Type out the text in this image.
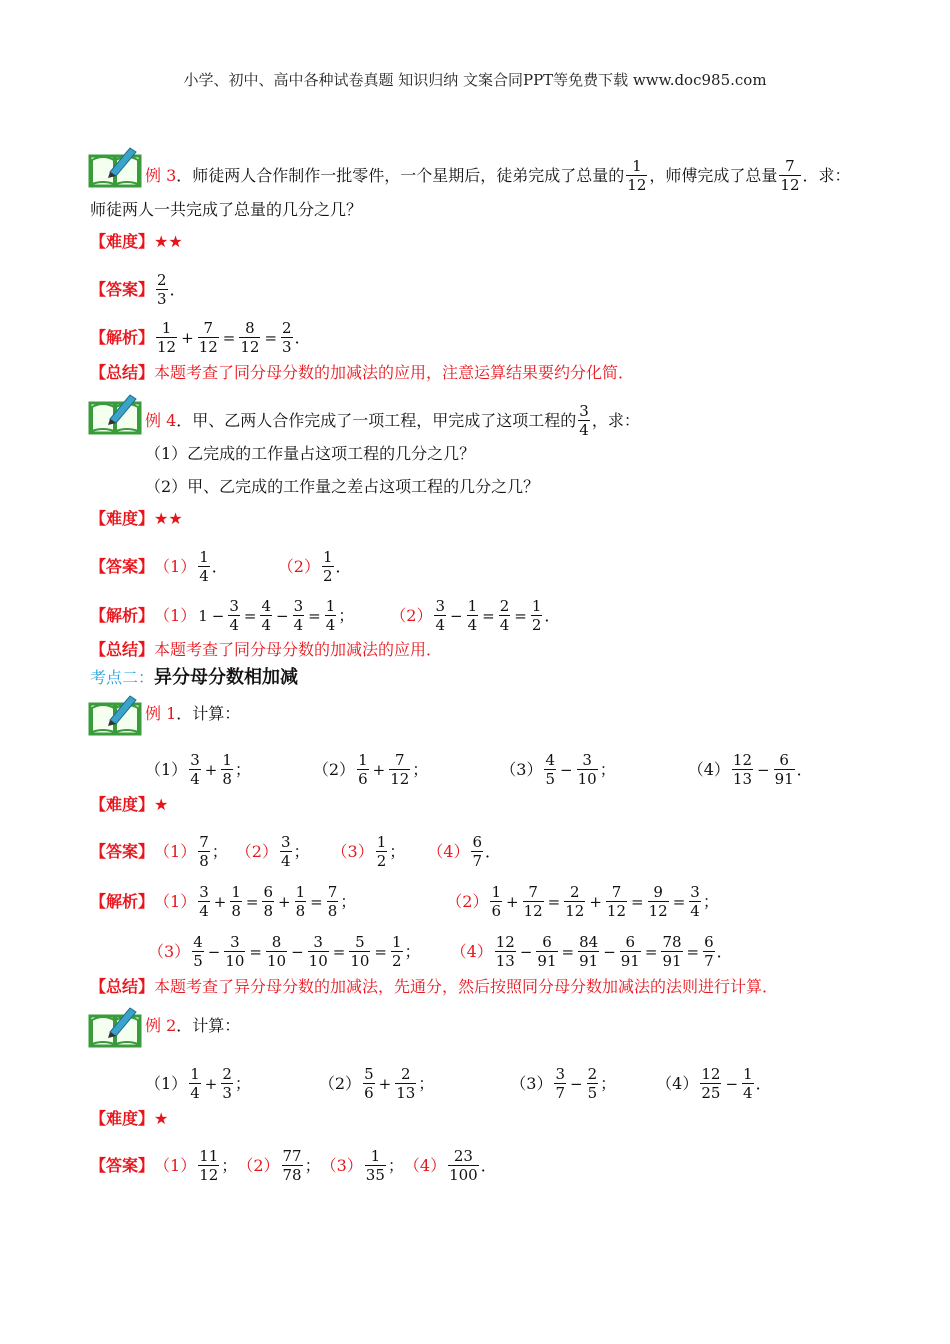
小学、初中、高中各种试卷真题 知识归纳 文案合同PPT等免费下载 www.doc985.com
例 3 ．师徒两人合作制作一批零件，一个星期后，徒弟完成了总量的 $\frac{1}{12}$ ，师傅完成了总量 $\frac{7}{12}$ ．求：
师徒两人一共完成了总量的几分之几？
【难度】 ★★
【答案】 $\frac{2}{3}$ ．
【解析】 $\frac{1}{12} + \frac{7}{12} = \frac{8}{12} = \frac{2}{3}$ ．
【总结】 本题考查了同分母分数的加减法的应用，注意运算结果要约分化简．
例 4 ．甲、乙两人合作完成了一项工程，甲完成了这项工程的 $\frac{3}{4}$ ，求：
（1）乙完成的工作量占这项工程的几分之几？
（2）甲、乙完成的工作量之差占这项工程的几分之几？
【难度】 ★★
【答案】 $(1) \frac{1}{4}$ ．	$(2) \frac{1}{2}$ ．
【解析】 （1） $1 - \frac{3}{4} = \frac{4}{4} - \frac{3}{4} = \frac{1}{4}$ ； $(2) \frac{3}{4} - \frac{1}{4} = \frac{2}{4} = \frac{1}{2}$ ．
【总结】 本题考查了同分母分数的加减法的应用．
考点二： 异分母分数相加减
例 1 ．计算：
$(1) \frac{3}{4} + \frac{1}{8}$ ；	$(2) \frac{1}{6} + \frac{7}{12}$ ；	$(3) \frac{4}{5} - \frac{3}{10}$ ；	$(4) \frac{12}{13} - \frac{6}{91}$ ．
【难度】 ★
【答案】 $(1) \frac{7}{8}$ ； $(2) \frac{3}{4}$ ； $(3) \frac{1}{2}$ ； $(4) \frac{6}{7}$ ．
【解析】 $(1) \frac{3}{4} + \frac{1}{8} = \frac{6}{8} + \frac{1}{8} = \frac{7}{8}$ ；	$(2) \frac{1}{6} + \frac{7}{12} = \frac{2}{12} + \frac{7}{12} = \frac{9}{12} = \frac{3}{4}$ ；
$(3) \frac{4}{5} - \frac{3}{10} = \frac{8}{10} - \frac{3}{10} = \frac{5}{10} = \frac{1}{2}$ ； $(4) \frac{12}{13} - \frac{6}{91} = \frac{84}{91} - \frac{6}{91} = \frac{78}{91} = \frac{6}{7}$ ．
【总结】 本题考查了异分母分数的加减法，先通分，然后按照同分母分数加减法的法则进行计算．
例 2 ．计算：
$(1) \frac{1}{4} + \frac{2}{3}$ ；	$(2) \frac{5}{6} + \frac{2}{13}$ ；	$(3) \frac{3}{7} - \frac{2}{5}$ ；	$(4) \frac{12}{25} - \frac{1}{4}$ ．
【难度】 ★
【答案】 $(1) \frac{11}{12}$ ； $(2) \frac{77}{78}$ ； $(3) \frac{1}{35}$ ； $(4) \frac{23}{100}$ ．
